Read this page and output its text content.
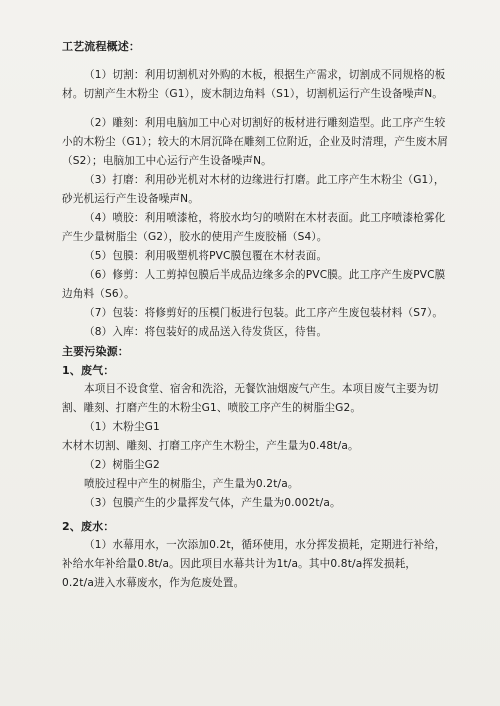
工艺流程概述：

（1）切割：利用切割机对外购的木板，根据生产需求，切割成不同规格的板材。切割产生木粉尘（G1），废木制边角料（S1），切割机运行产生设备噪声N。

（2）雕刻：利用电脑加工中心对切割好的板材进行雕刻造型。此工序产生较小的木粉尘（G1）；较大的木屑沉降在雕刻工位附近，企业及时清理，产生废木屑（S2）；电脑加工中心运行产生设备噪声N。

（3）打磨：利用砂光机对木材的边缘进行打磨。此工序产生木粉尘（G1），砂光机运行产生设备噪声N。

（4）喷胶：利用喷漆枪，将胶水均匀的喷附在木材表面。此工序喷漆枪雾化产生少量树脂尘（G2），胶水的使用产生废胶桶（S4）。

（5）包膜：利用吸塑机将PVC膜包覆在木材表面。

（6）修剪：人工剪掉包膜后半成品边缘多余的PVC膜。此工序产生废PVC膜边角料（S6）。

（7）包装：将修剪好的压模门板进行包装。此工序产生废包装材料（S7）。

（8）入库：将包装好的成品送入待发货区，待售。

主要污染源：

1、废气：

本项目不设食堂、宿舍和洗浴，无餐饮油烟废气产生。本项目废气主要为切割、雕刻、打磨产生的木粉尘G1、喷胶工序产生的树脂尘G2。

（1）木粉尘G1

木材木切割、雕刻、打磨工序产生木粉尘，产生量为0.48t/a。

（2）树脂尘G2

喷胶过程中产生的树脂尘，产生量为0.2t/a。

（3）包膜产生的少量挥发气体，产生量为0.002t/a。

2、废水：

（1）水幕用水，一次添加0.2t，循环使用，水分挥发损耗，定期进行补给，补给水年补给量0.8t/a。因此项目水幕共计为1t/a。其中0.8t/a挥发损耗，0.2t/a进入水幕废水，作为危废处置。
